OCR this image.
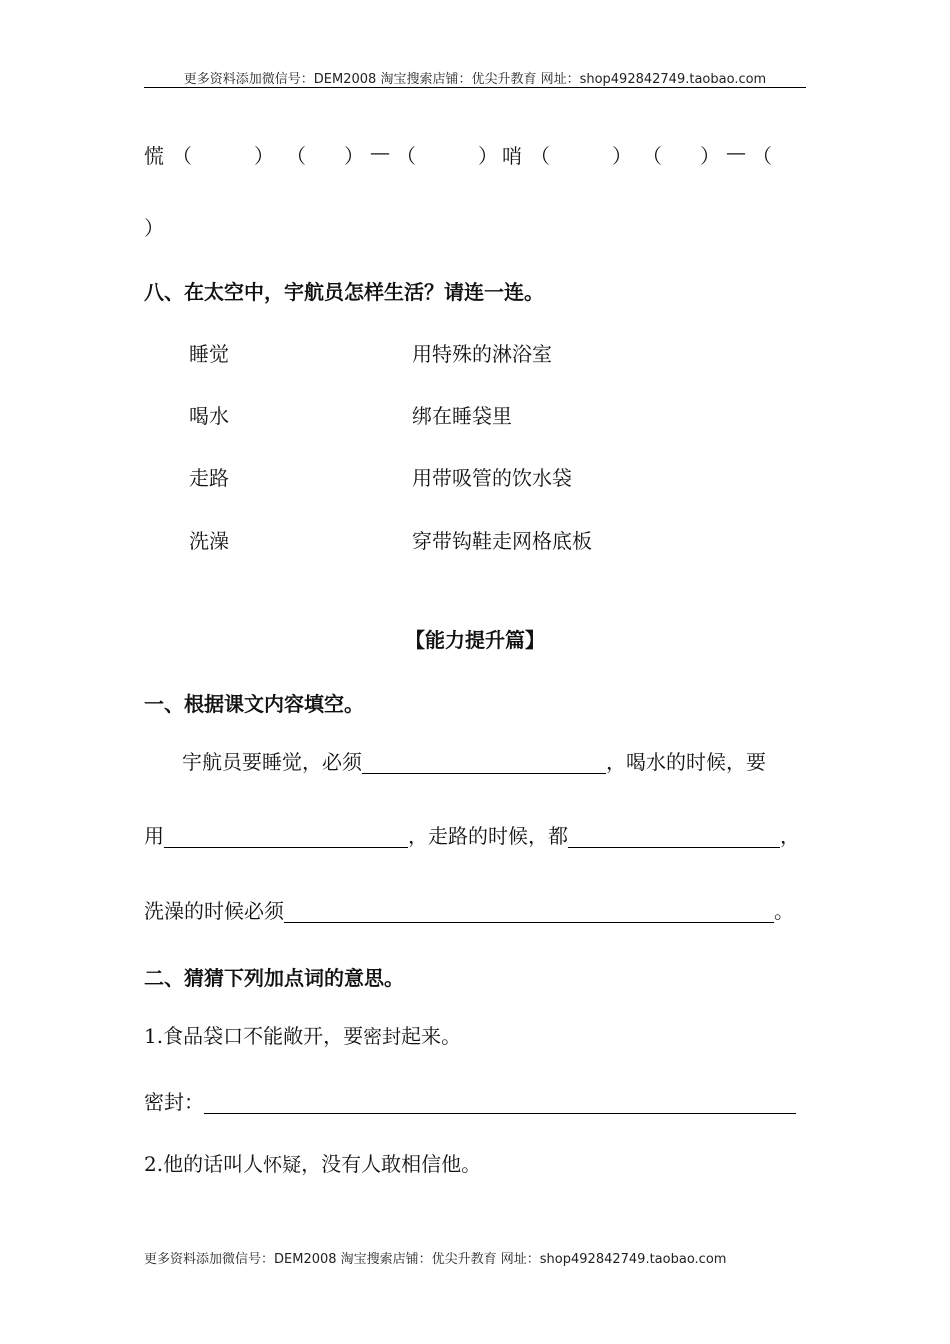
更多资料添加微信号：DEM2008 淘宝搜索店铺：优尖升教育 网址：shop492842749.taobao.com
慌 （	） （ ） — （	） 哨 （	） （ ） — （
）
八、在太空中，宇航员怎样生活？请连一连。
睡觉	用特殊的淋浴室
喝水	绑在睡袋里
走路	用带吸管的饮水袋
洗澡	穿带钩鞋走网格底板
【能力提升篇】
一、根据课文内容填空。
宇航员要睡觉，必须	，喝水的时候，要
用	，走路的时候，都	，
洗澡的时候必须	。
二、猜猜下列加点词的意思。
1.食品袋口不能敞开，要密封起来。
密封：
2.他的话叫人怀疑，没有人敢相信他。
更多资料添加微信号：DEM2008 淘宝搜索店铺：优尖升教育 网址：shop492842749.taobao.com
